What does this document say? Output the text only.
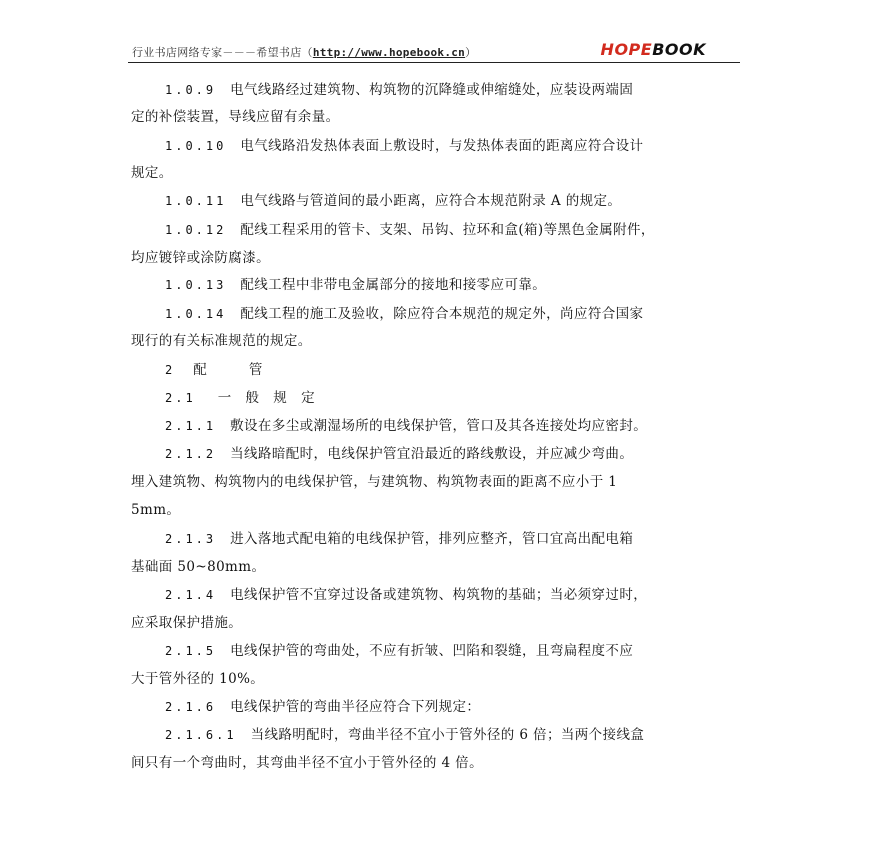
行业书店网络专家－－－希望书店（http://www.hopebook.cn）	HOPEBOOK
1.0.9 电气线路经过建筑物、构筑物的沉降缝或伸缩缝处，应装设两端固
定的补偿装置，导线应留有余量。
1.0.10 电气线路沿发热体表面上敷设时，与发热体表面的距离应符合设计
规定。
1.0.11 电气线路与管道间的最小距离，应符合本规范附录 A 的规定。
1.0.12 配线工程采用的管卡、支架、吊钩、拉环和盒(箱)等黑色金属附件，
均应镀锌或涂防腐漆。
1.0.13 配线工程中非带电金属部分的接地和接零应可靠。
1.0.14 配线工程的施工及验收，除应符合本规范的规定外，尚应符合国家
现行的有关标准规范的规定。
2 配　　　管
2.1 一　般　规　定
2.1.1 敷设在多尘或潮湿场所的电线保护管，管口及其各连接处均应密封。
2.1.2 当线路暗配时，电线保护管宜沿最近的路线敷设，并应减少弯曲。
埋入建筑物、构筑物内的电线保护管，与建筑物、构筑物表面的距离不应小于 1
5mm。
2.1.3 进入落地式配电箱的电线保护管，排列应整齐，管口宜高出配电箱
基础面 50~80mm。
2.1.4 电线保护管不宜穿过设备或建筑物、构筑物的基础；当必须穿过时，
应采取保护措施。
2.1.5 电线保护管的弯曲处，不应有折皱、凹陷和裂缝，且弯扁程度不应
大于管外径的 10%。
2.1.6 电线保护管的弯曲半径应符合下列规定：
2.1.6.1 当线路明配时，弯曲半径不宜小于管外径的 6 倍；当两个接线盒
间只有一个弯曲时，其弯曲半径不宜小于管外径的 4 倍。
